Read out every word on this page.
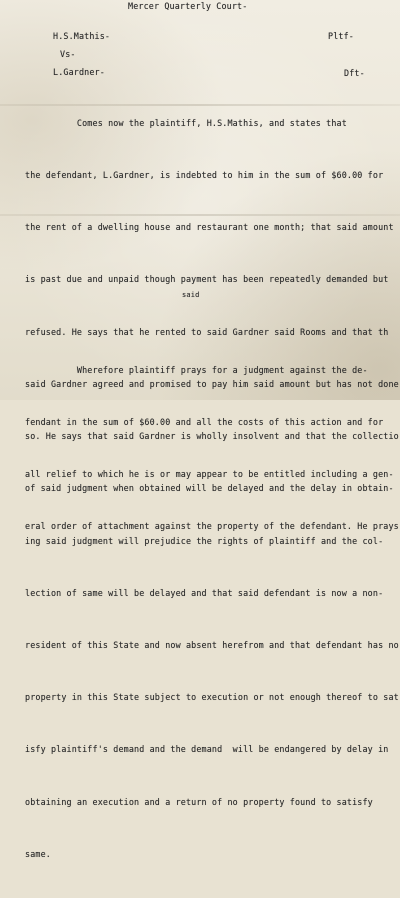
Mercer Quarterly Court-
H.S.Mathis-	Pltf-
Vs-
L.Gardner-	Dft-

Comes now the plaintiff, H.S.Mathis, and states that

the defendant, L.Gardner, is indebted to him in the sum of $60.00 for

the rent of a dwelling house and restaurant one month; that said amount

is past due and unpaid though payment has been repeatedly demanded but

refused. He says that he rented to said Gardner said Rooms and that th

said Gardner agreed and promised to pay him said amount but has not done

so. He says that said Gardner is wholly insolvent and that the collectio

of said judgment when obtained will be delayed and the delay in obtain-

ing said judgment will prejudice the rights of plaintiff and the col-

lection of same will be delayed and that said defendant is now a non-

resident of this State and now absent herefrom and that defendant has no

property in this State subject to execution or not enough thereof to sat

isfy plaintiff's demand and the demand  will be endangered by delay in

obtaining an execution and a return of no property found to satisfy

same.

said

Wherefore plaintiff prays for a judgment against the de-

fendant in the sum of $60.00 and all the costs of this action and for

all relief to which he is or may appear to be entitled including a gen-

eral order of attachment against the property of the defendant. He prays
